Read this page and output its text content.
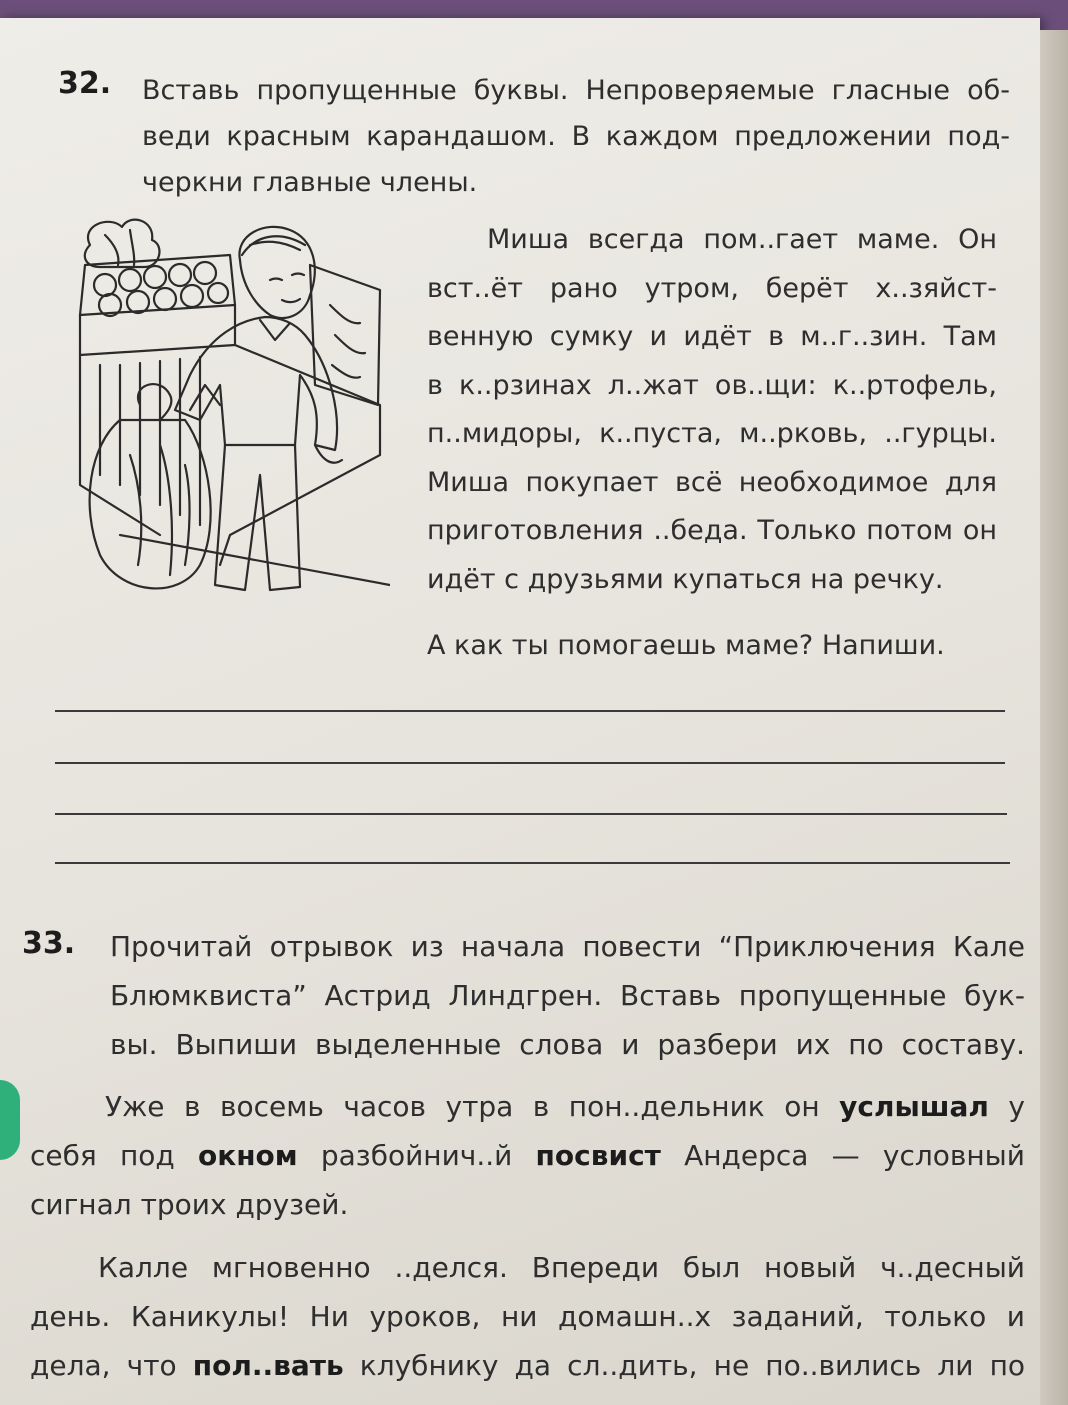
32. Вставь пропущенные буквы. Непроверяемые гласные об-
веди красным карандашом. В каждом предложении под-
черкни главные члены.
Миша всегда пом..гает маме. Он
вст..ёт рано утром, берёт х..зяйст-
венную сумку и идёт в м..г..зин. Там
в к..рзинах л..жат ов..щи: к..ртофель,
п..мидоры, к..пуста, м..рковь, ..гурцы.
Миша покупает всё необходимое для
приготовления ..беда. Только потом он
идёт с друзьями купаться на речку.
А как ты помогаешь маме? Напиши.
33. Прочитай отрывок из начала повести “Приключения Кале
Блюмквиста” Астрид Линдгрен. Вставь пропущенные бук-
вы. Выпиши выделенные слова и разбери их по составу.
Уже в восемь часов утра в пон..дельник он услышал у
себя под окном разбойнич..й посвист Андерса — условный
сигнал троих друзей.
Калле мгновенно ..делся. Впереди был новый ч..десный
день. Каникулы! Ни уроков, ни домашн..х заданий, только и
дела, что пол..вать клубнику да сл..дить, не по..вились ли по
